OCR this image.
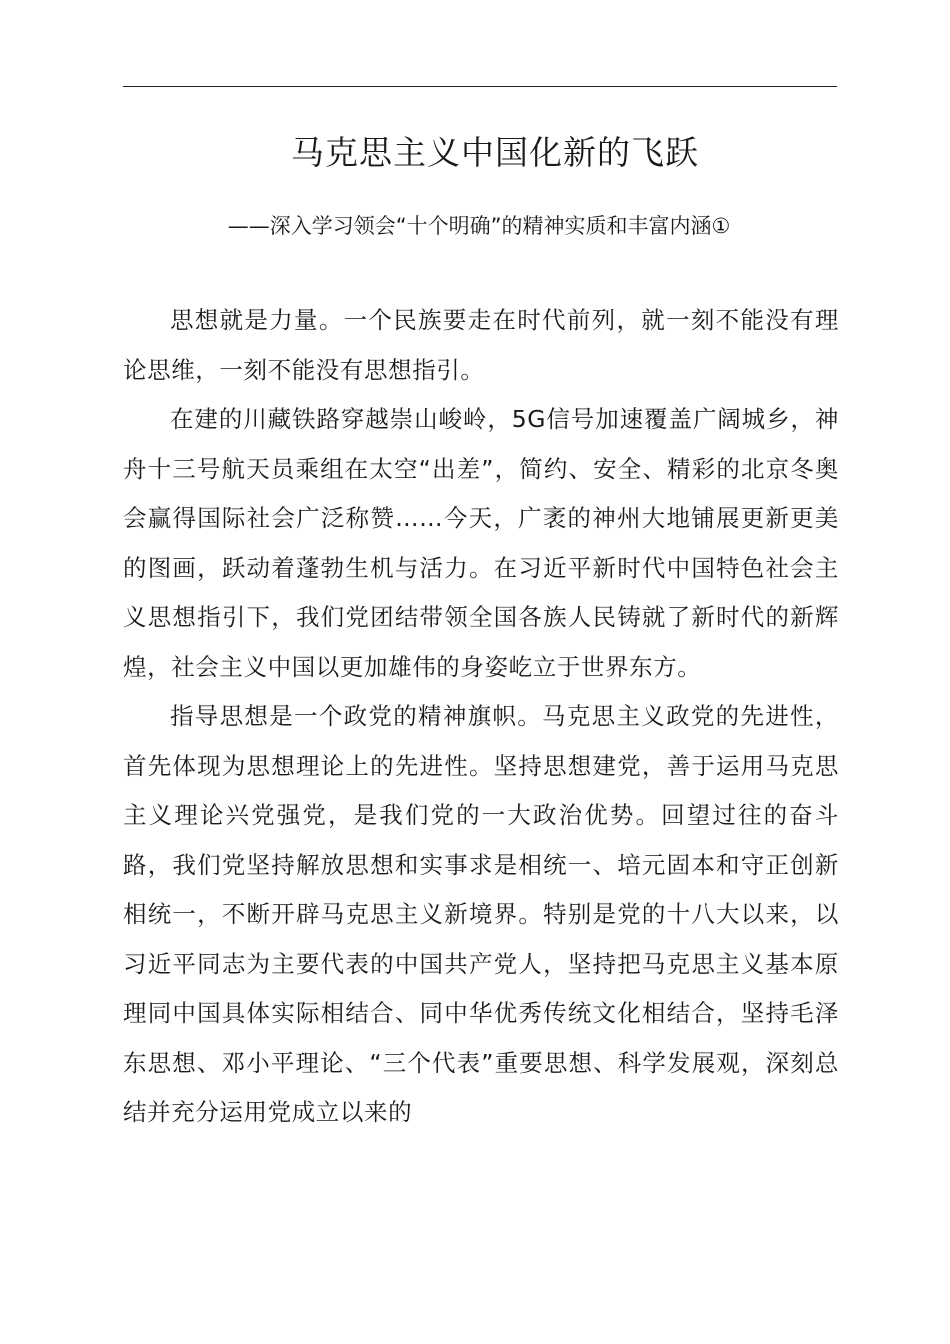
马克思主义中国化新的飞跃
——深入学习领会“十个明确”的精神实质和丰富内涵①

思想就是力量。一个民族要走在时代前列，就一刻不能没有理论思维，一刻不能没有思想指引。

在建的川藏铁路穿越崇山峻岭，5G信号加速覆盖广阔城乡，神舟十三号航天员乘组在太空“出差”，简约、安全、精彩的北京冬奥会赢得国际社会广泛称赞……今天，广袤的神州大地铺展更新更美的图画，跃动着蓬勃生机与活力。在习近平新时代中国特色社会主义思想指引下，我们党团结带领全国各族人民铸就了新时代的新辉煌，社会主义中国以更加雄伟的身姿屹立于世界东方。

指导思想是一个政党的精神旗帜。马克思主义政党的先进性，首先体现为思想理论上的先进性。坚持思想建党，善于运用马克思主义理论兴党强党，是我们党的一大政治优势。回望过往的奋斗路，我们党坚持解放思想和实事求是相统一、培元固本和守正创新相统一，不断开辟马克思主义新境界。特别是党的十八大以来，以习近平同志为主要代表的中国共产党人，坚持把马克思主义基本原理同中国具体实际相结合、同中华优秀传统文化相结合，坚持毛泽东思想、邓小平理论、“三个代表”重要思想、科学发展观，深刻总结并充分运用党成立以来的
